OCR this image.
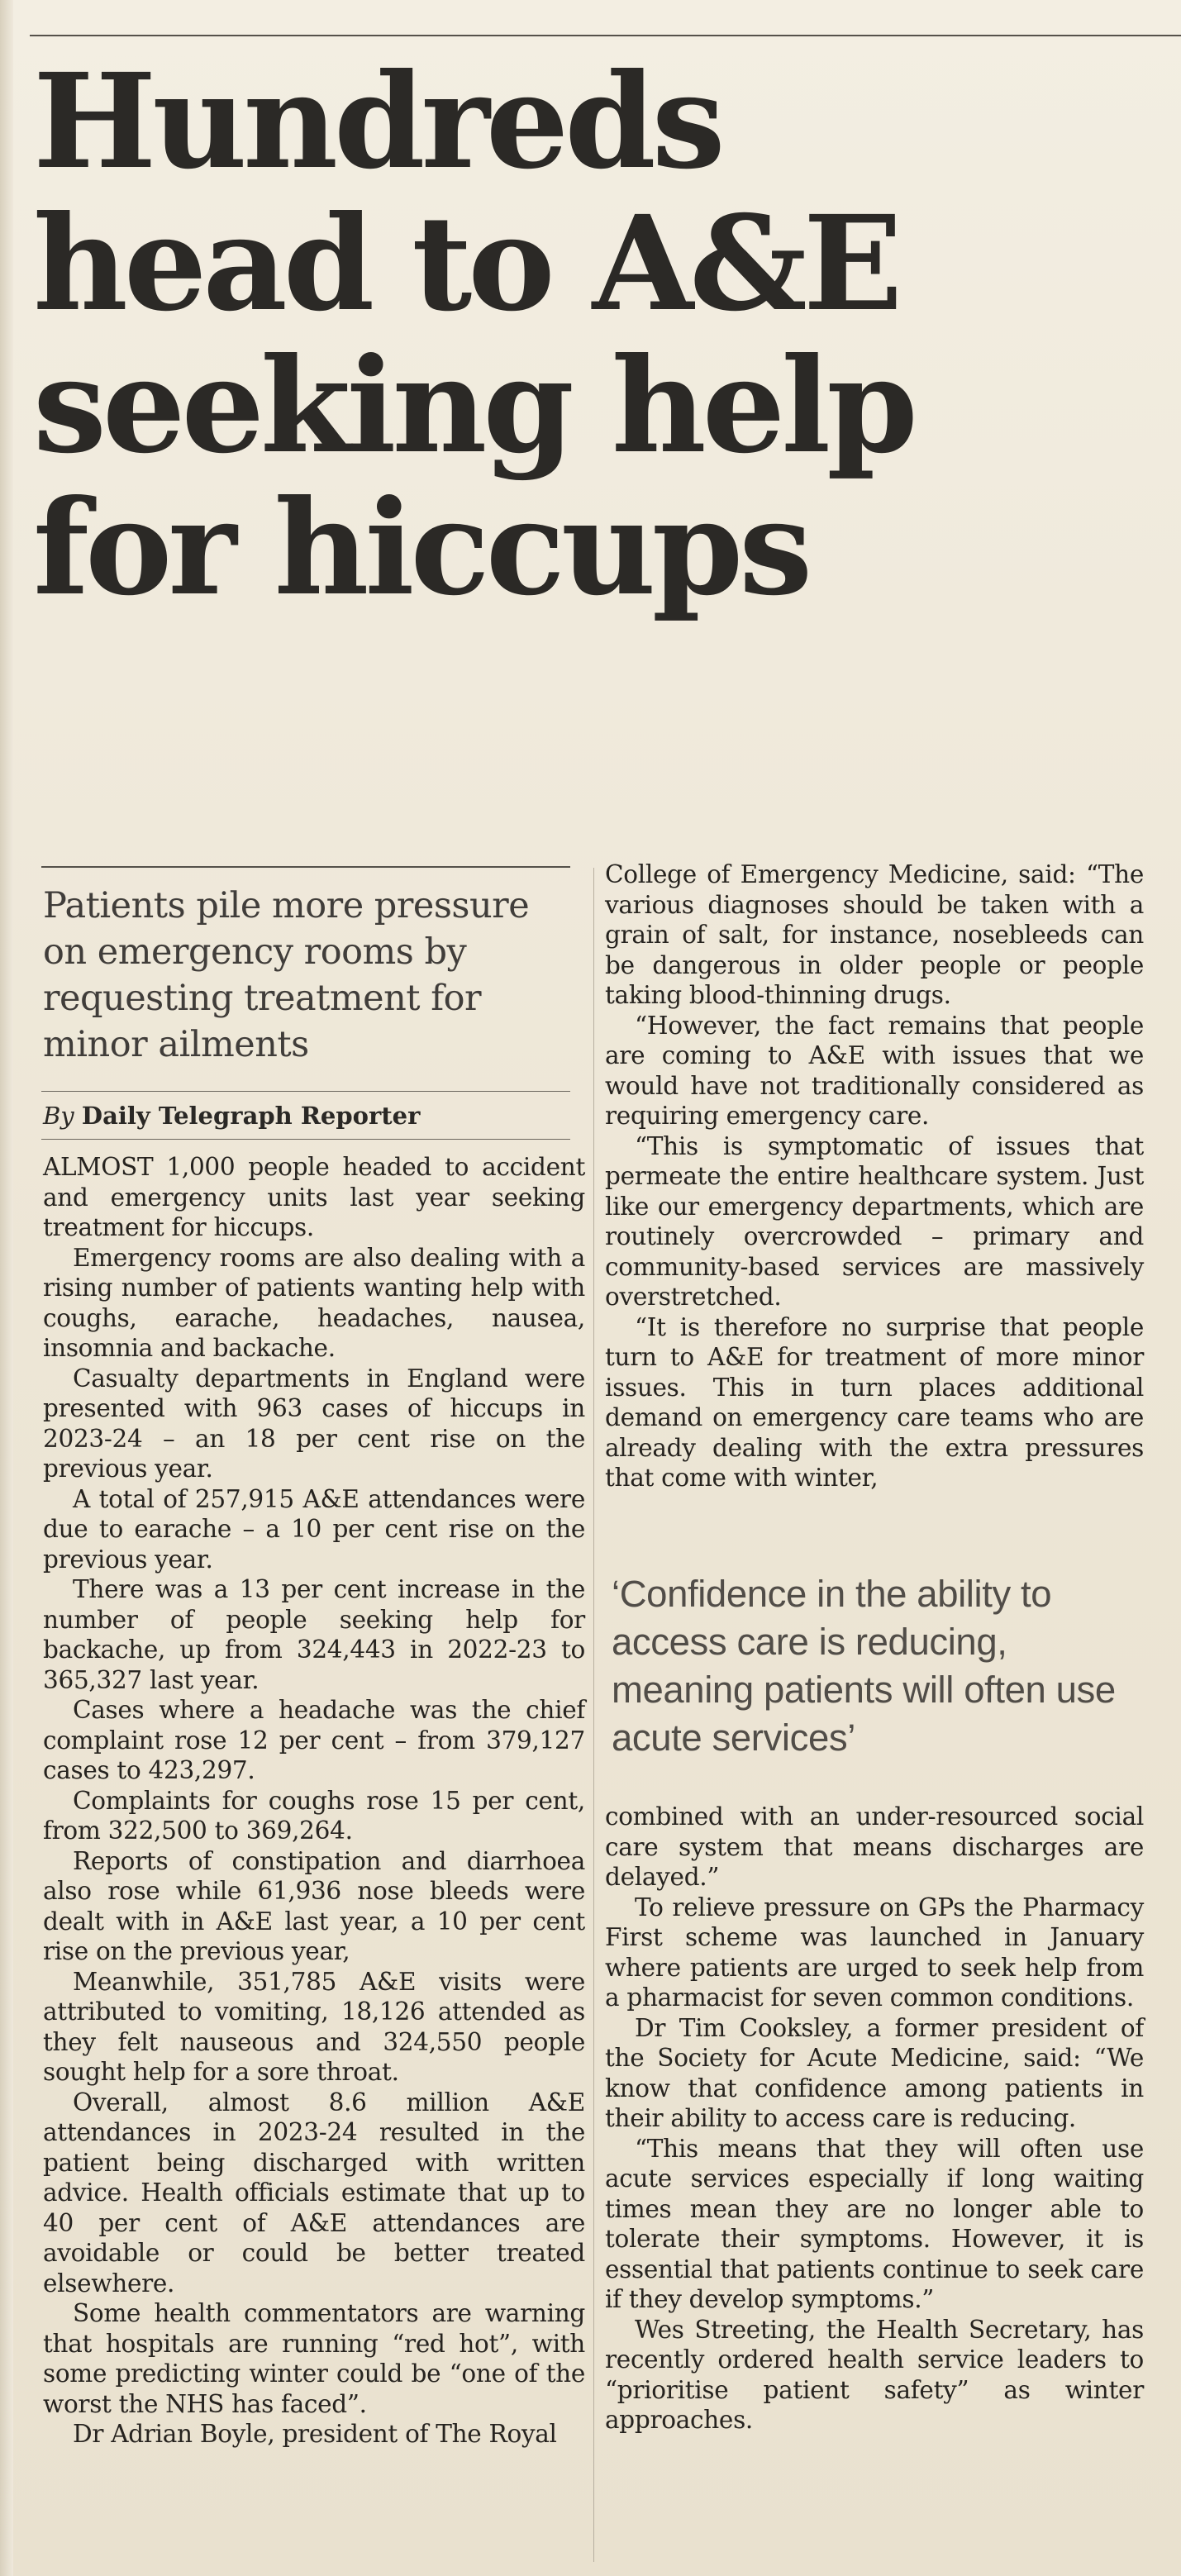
Hundreds
head to A&E
seeking help
for hiccups

Patients pile more pressure on emergency rooms by requesting treatment for minor ailments

By Daily Telegraph Reporter

ALMOST 1,000 people headed to accident and emergency units last year seeking treatment for hiccups.

Emergency rooms are also dealing with a rising number of patients wanting help with coughs, earache, headaches, nausea, insomnia and backache.

Casualty departments in England were presented with 963 cases of hiccups in 2023-24 – an 18 per cent rise on the previous year.

A total of 257,915 A&E attendances were due to earache – a 10 per cent rise on the previous year.

There was a 13 per cent increase in the number of people seeking help for backache, up from 324,443 in 2022-23 to 365,327 last year.

Cases where a headache was the chief complaint rose 12 per cent – from 379,127 cases to 423,297.

Complaints for coughs rose 15 per cent, from 322,500 to 369,264.

Reports of constipation and diarrhoea also rose while 61,936 nose bleeds were dealt with in A&E last year, a 10 per cent rise on the previous year,

Meanwhile, 351,785 A&E visits were attributed to vomiting, 18,126 attended as they felt nauseous and 324,550 people sought help for a sore throat.

Overall, almost 8.6 million A&E attendances in 2023-24 resulted in the patient being discharged with written advice. Health officials estimate that up to 40 per cent of A&E attendances are avoidable or could be better treated elsewhere.

Some health commentators are warning that hospitals are running “red hot”, with some predicting winter could be “one of the worst the NHS has faced”.

Dr Adrian Boyle, president of The Royal

College of Emergency Medicine, said: “The various diagnoses should be taken with a grain of salt, for instance, nosebleeds can be dangerous in older people or people taking blood-thinning drugs.

“However, the fact remains that people are coming to A&E with issues that we would have not traditionally considered as requiring emergency care.

“This is symptomatic of issues that permeate the entire healthcare system. Just like our emergency departments, which are routinely overcrowded – primary and community-based services are massively overstretched.

“It is therefore no surprise that people turn to A&E for treatment of more minor issues. This in turn places additional demand on emergency care teams who are already dealing with the extra pressures that come with winter,

‘Confidence in the ability to access care is reducing, meaning patients will often use acute services’

combined with an under-resourced social care system that means discharges are delayed.”

To relieve pressure on GPs the Pharmacy First scheme was launched in January where patients are urged to seek help from a pharmacist for seven common conditions.

Dr Tim Cooksley, a former president of the Society for Acute Medicine, said: “We know that confidence among patients in their ability to access care is reducing.

“This means that they will often use acute services especially if long waiting times mean they are no longer able to tolerate their symptoms. However, it is essential that patients continue to seek care if they develop symptoms.”

Wes Streeting, the Health Secretary, has recently ordered health service leaders to “prioritise patient safety” as winter approaches.
